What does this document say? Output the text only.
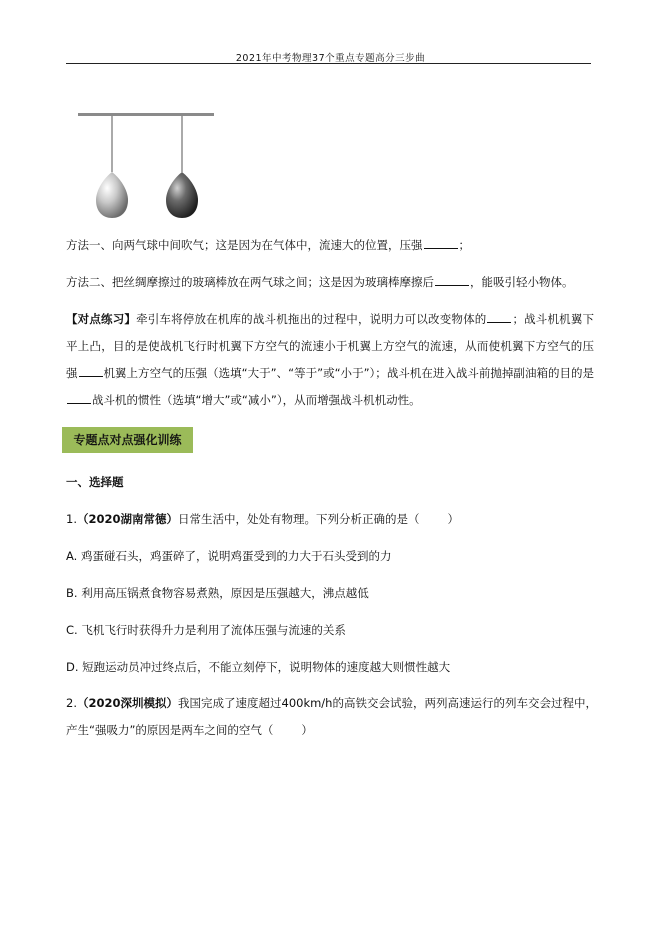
2021年中考物理37个重点专题高分三步曲
方法一、向两气球中间吹气；这是因为在气体中，流速大的位置，压强	；
方法二、把丝绸摩擦过的玻璃棒放在两气球之间；这是因为玻璃棒摩擦后	，能吸引轻小物体。
【对点练习】牵引车将停放在机库的战斗机拖出的过程中，说明力可以改变物体的 ；战斗机机翼下平上凸，目的是使战机飞行时机翼下方空气的流速小于机翼上方空气的流速，从而使机翼下方空气的压强 机翼上方空气的压强（选填“大于”、“等于”或“小于”）；战斗机在进入战斗前抛掉副油箱的目的是战斗机的惯性（选填“增大”或“减小”），从而增强战斗机机动性。
专题点对点强化训练
一、选择题
1.（2020湖南常德）日常生活中，处处有物理。下列分析正确的是（ ）
A. 鸡蛋碰石头，鸡蛋碎了，说明鸡蛋受到的力大于石头受到的力
B. 利用高压锅煮食物容易煮熟，原因是压强越大，沸点越低
C. 飞机飞行时获得升力是利用了流体压强与流速的关系
D. 短跑运动员冲过终点后，不能立刻停下，说明物体的速度越大则惯性越大
2.（2020深圳模拟）我国完成了速度超过400km/h的高铁交会试验，两列高速运行的列车交会过程中，
产生“强吸力”的原因是两车之间的空气（ ）
